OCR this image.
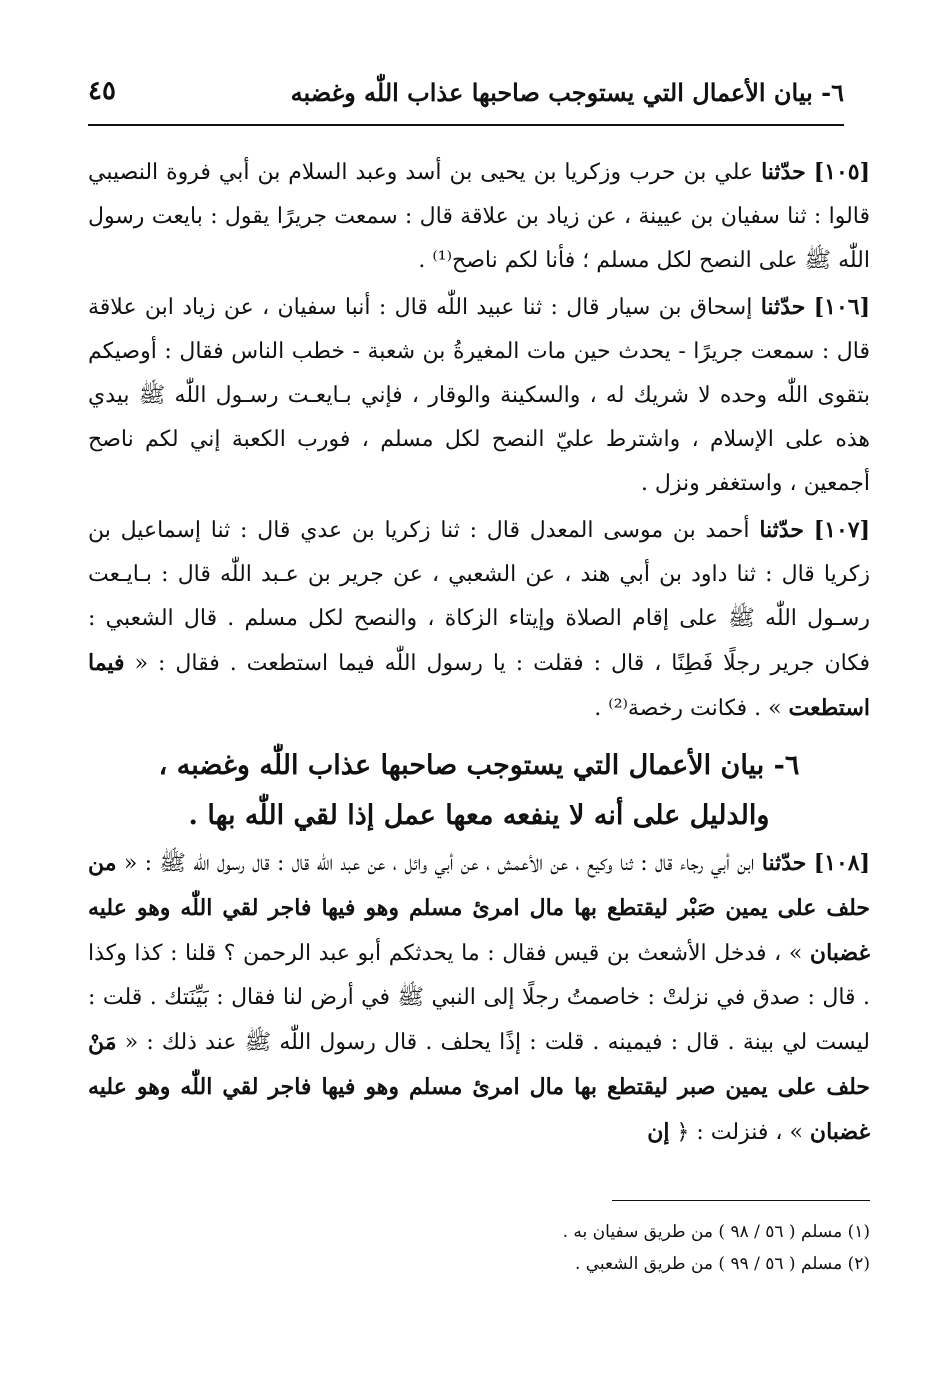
٦- بيان الأعمال التي يستوجب صاحبها عذاب اللّٰه وغضبه
٤٥

[١٠٥] حدّثنا علي بن حرب وزكريا بن يحيى بن أسد وعبد السلام بن أبي فروة النصيبي قالوا : ثنا سفيان بن عيينة ، عن زياد بن علاقة قال : سمعت جريرًا يقول : بايعت رسول اللّٰه ﷺ على النصح لكل مسلم ؛ فأنا لكم ناصح⁽¹⁾ .

[١٠٦] حدّثنا إسحاق بن سيار قال : ثنا عبيد اللّٰه قال : أنبا سفيان ، عن زياد ابن علاقة قال : سمعت جريرًا - يحدث حين مات المغيرةُ بن شعبة - خطب الناس فقال : أوصيكم بتقوى اللّٰه وحده لا شريك له ، والسكينة والوقار ، فإني بـايعـت رسـول اللّٰه ﷺ بيدي هذه على الإسلام ، واشترط عليّ النصح لكل مسلم ، فورب الكعبة إني لكم ناصح أجمعين ، واستغفر ونزل .

[١٠٧] حدّثنا أحمد بن موسى المعدل قال : ثنا زكريا بن عدي قال : ثنا إسماعيل بن زكريا قال : ثنا داود بن أبي هند ، عن الشعبي ، عن جرير بن عـبد اللّٰه قال : بـايـعت رسـول اللّٰه ﷺ على إقام الصلاة وإيتاء الزكاة ، والنصح لكل مسلم . قال الشعبي : فكان جرير رجلًا فَطِنًا ، قال : فقلت : يا رسول اللّٰه فيما استطعت . فقال : « فيما استطعت » . فكانت رخصة⁽²⁾ .

٦- بيان الأعمال التي يستوجب صاحبها عذاب اللّٰه وغضبه ،
والدليل على أنه لا ينفعه معها عمل إذا لقي اللّٰه بها .

[١٠٨] حدّثنا ابن أبي رجاء قال : ثنا وكيع ، عن الأعمش ، عن أبي وائل ، عن عبد اللّٰه قال : قال رسول اللّٰه ﷺ : « من حلف على يمين صَبْر ليقتطع بها مال امرئ مسلم وهو فيها فاجر لقي اللّٰه وهو عليه غضبان » ، فدخل الأشعث بن قيس فقال : ما يحدثكم أبو عبد الرحمن ؟ قلنا : كذا وكذا . قال : صدق في نزلتْ : خاصمتُ رجلًا إلى النبي ﷺ في أرض لنا فقال : بَيِّنَتك . قلت : ليست لي بينة . قال : فيمينه . قلت : إذًا يحلف . قال رسول اللّٰه ﷺ عند ذلك : « مَنْ حلف على يمين صبر ليقتطع بها مال امرئ مسلم وهو فيها فاجر لقي اللّٰه وهو عليه غضبان » ، فنزلت : ﴿ إن

(١) مسلم ( ٥٦ / ٩٨ ) من طريق سفيان به .
(٢) مسلم ( ٥٦ / ٩٩ ) من طريق الشعبي .
